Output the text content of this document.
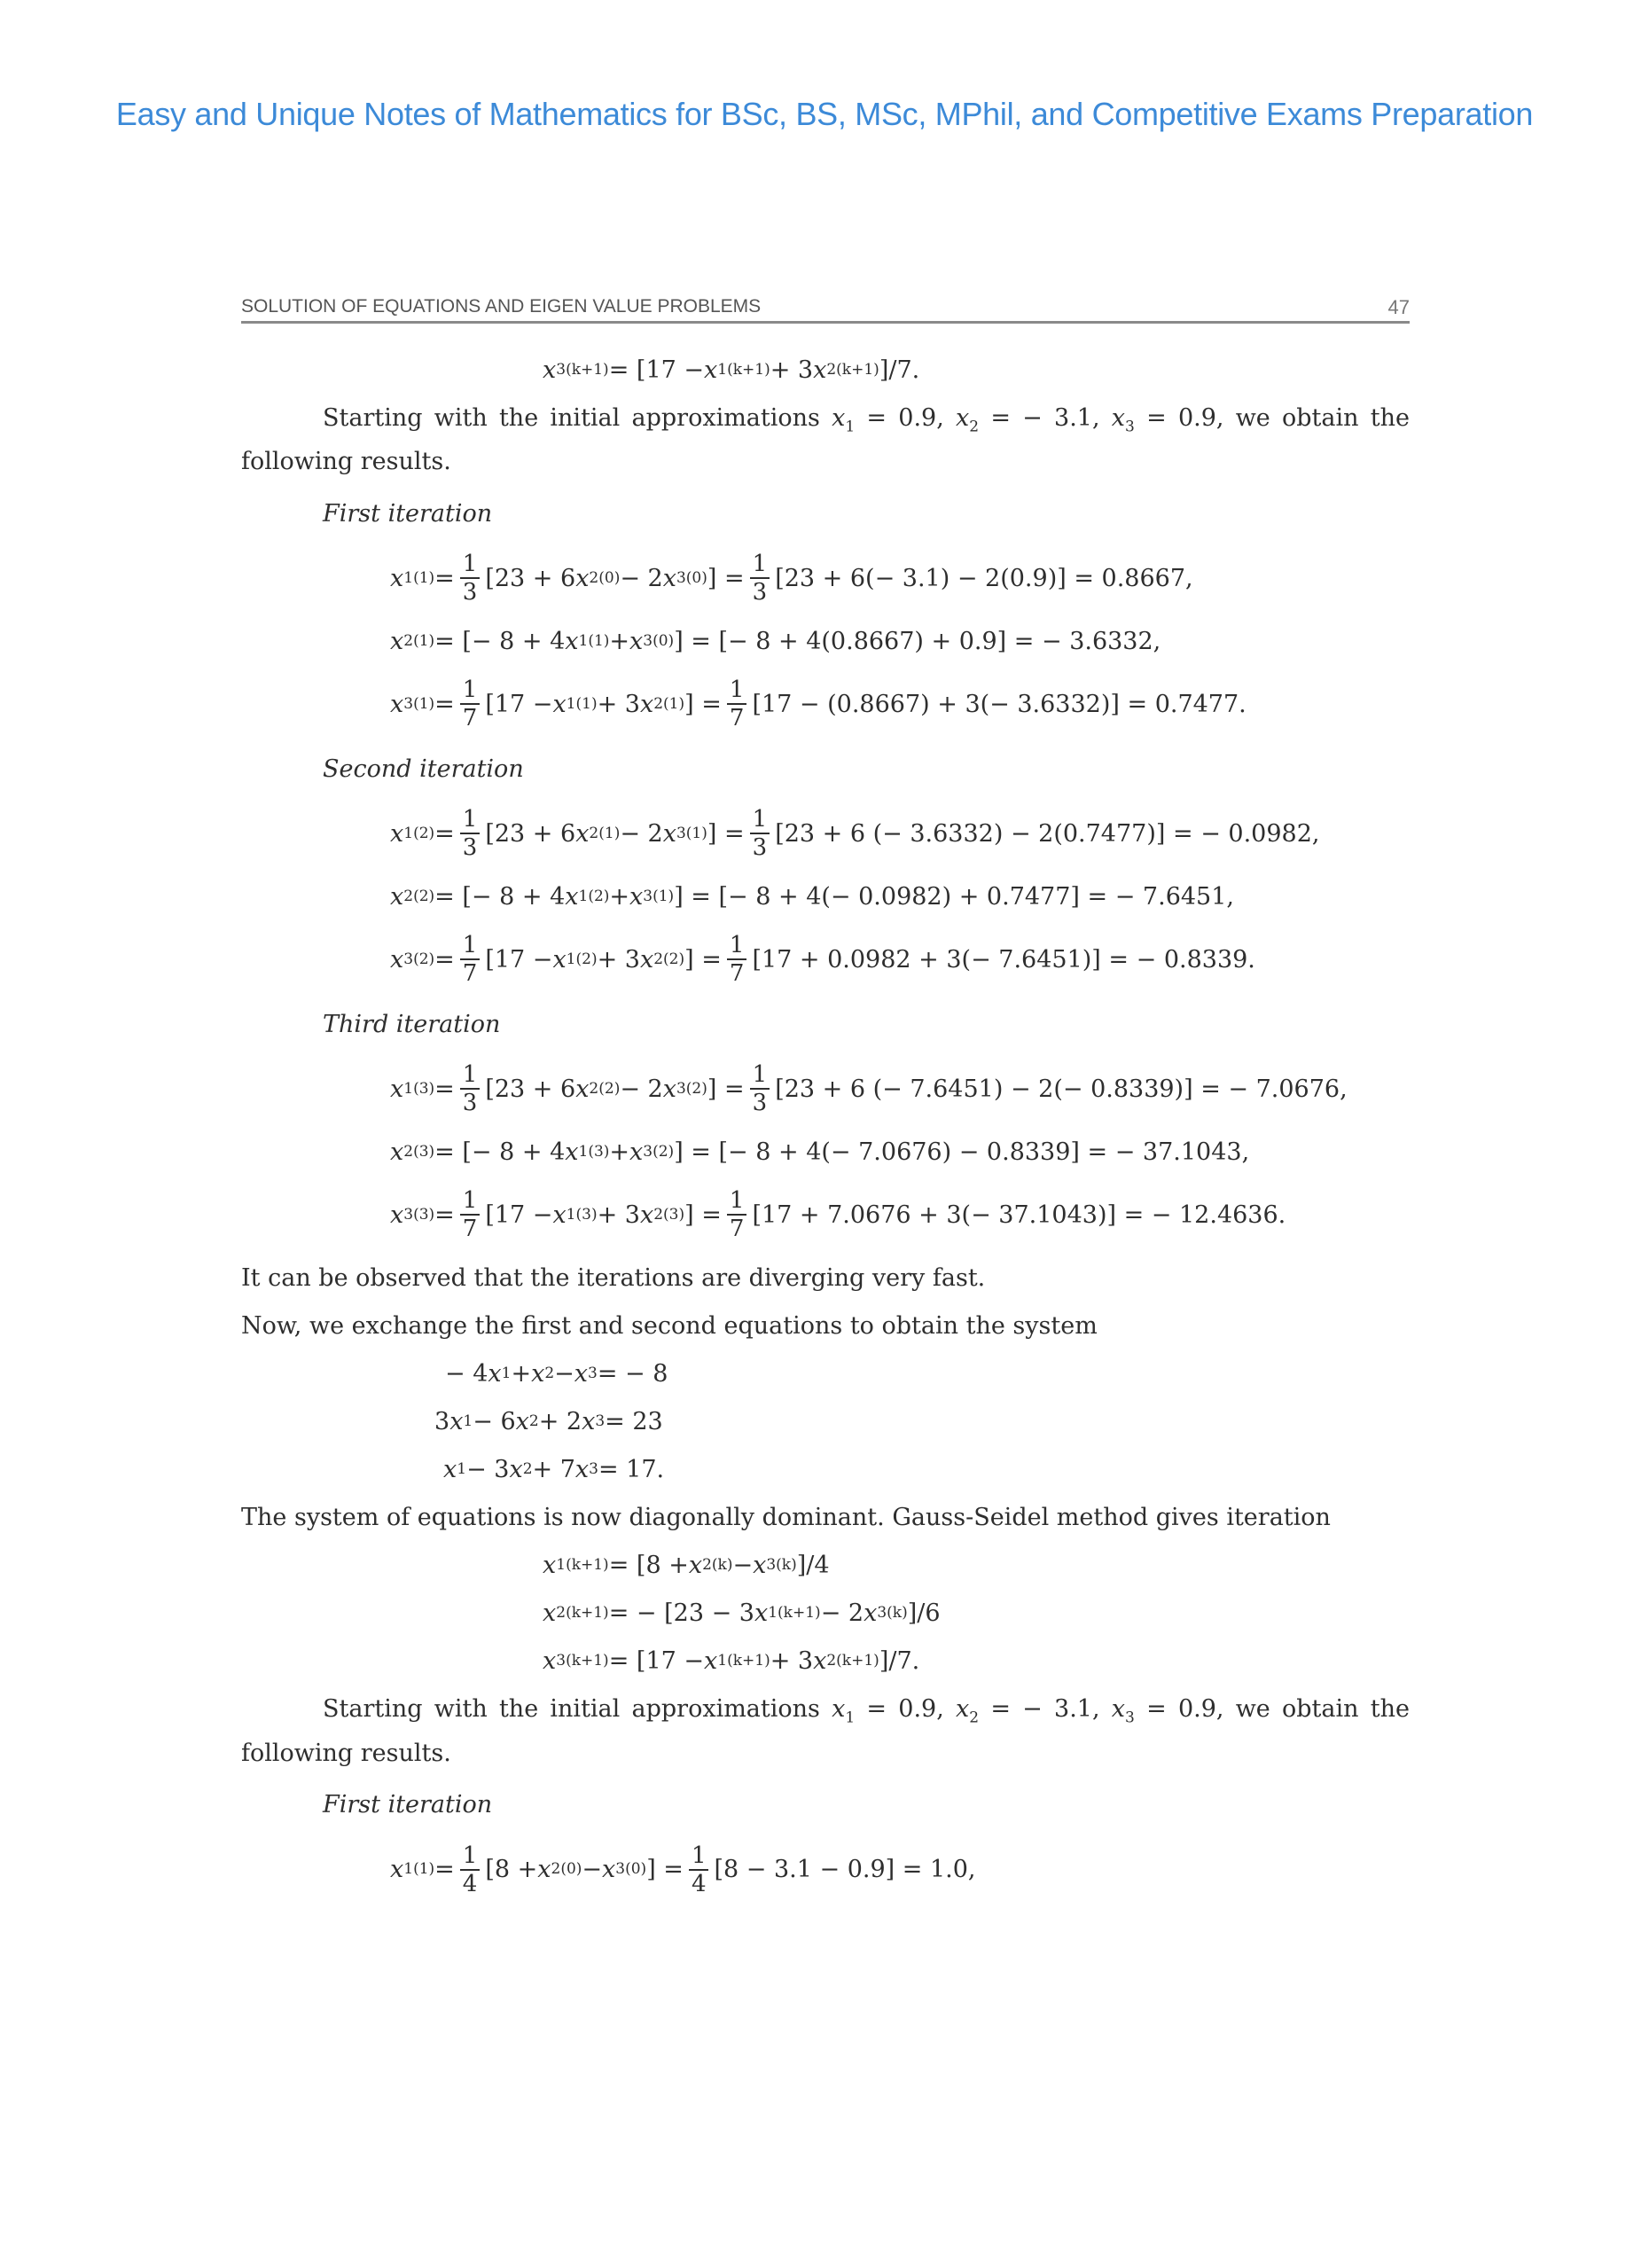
Easy and Unique Notes of Mathematics for BSc, BS, MSc, MPhil, and Competitive Exams Preparation
SOLUTION OF EQUATIONS AND EIGEN VALUE PROBLEMS	47
x 3 (k+1) = [17 − x 1 (k+1) + 3 x 2 (k+1) ]/7.
Starting with the initial approximations $x_1 = 0.9$, $x_2$ = − 3.1, $x_3 = 0.9$, we obtain the following results.
First iteration
x 1 $(1) = \frac{1}{3} [23 + 6$ x 2 (0) − 2 x 3 (0) ] = $\frac{1}{3} [23 + 6(- 3.1) - 2(0.9)] = 0.8667$,
x 2 (1) = [− 8 + 4 x 1 (1) + x 3 (0) ] = [− 8 + 4(0.8667) + 0.9] = − 3.6332,
x 3 $(1) = \frac{1}{7} [17 - x$ 1 (1) + 3 x 2 (1) ] = $\frac{1}{7} [17 - (0.8667) + 3(- 3.6332)] = 0.7477$.
Second iteration
x 1 $(2) = \frac{1}{3} [23 + 6$ x 2 (1) − 2 x 3 (1) ] = $\frac{1}{3} [23 + 6$ (− 3.6332) − 2(0.7477)] = − 0.0982,
x 2 (2) = [− 8 + 4 x 1 (2) + x 3 (1) ] = [− 8 + 4(− 0.0982) + 0.7477] = − 7.6451,
x 3 $(2) = \frac{1}{7} [17 - x$ 1 (2) + 3 x 2 (2) ] = $\frac{1}{7} [17 + 0.0982 + 3(- 7.6451)]$ = − 0.8339.
Third iteration
x 1 $(3) = \frac{1}{3} [23 + 6$ x 2 (2) − 2 x 3 (2) ] = $\frac{1}{3} [23 + 6$ (− 7.6451) − 2(− 0.8339)] = − 7.0676,
x 2 (3) = [− 8 + 4 x 1 (3) + x 3 (2) ] = [− 8 + 4(− 7.0676) − 0.8339] = − 37.1043,
x 3 $(3) = \frac{1}{7} [17 - x$ 1 (3) + 3 x 2 (3) ] = $\frac{1}{7} [17 + 7.0676 + 3(- 37.1043)]$ = − 12.4636.
It can be observed that the iterations are diverging very fast.
Now, we exchange the first and second equations to obtain the system
− 4 x 1 + x 2 − x 3 = − 8
3 x 1 − 6 x 2 + 2 x 3 = 23
x 1 − 3 x 2 + 7 x 3 = 17.
The system of equations is now diagonally dominant. Gauss-Seidel method gives iteration
x 1 (k+1) = [8 + x 2 (k) − x 3 (k) ]/4
x 2 (k+1) = − [23 − 3 x 1 (k+1) − 2 x 3 (k) ]/6
x 3 (k+1) = [17 − x 1 (k+1) + 3 x 2 (k+1) ]/7.
Starting with the initial approximations $x_1 = 0.9$, $x_2$ = − 3.1, $x_3 = 0.9$, we obtain the following results.
First iteration
x 1 $(1) = \frac{1}{4} [8 + x$ 2 (0) − x 3 (0) ] = $\frac{1}{4} [8 - 3.1 - 0.9] = 1.0$,
